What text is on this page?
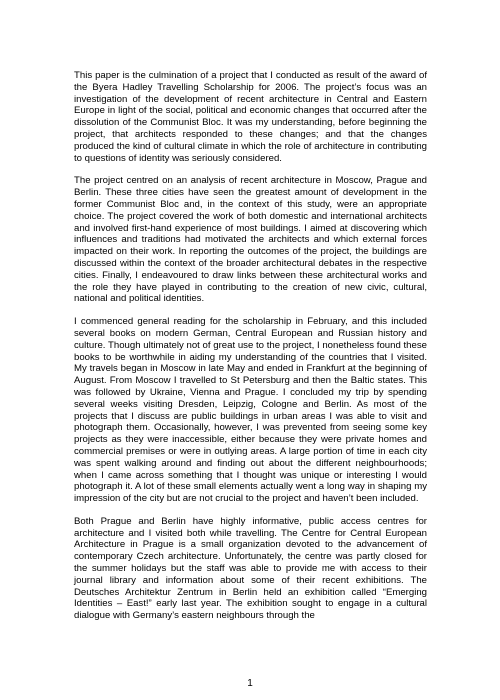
This paper is the culmination of a project that I conducted as result of the award of the Byera Hadley Travelling Scholarship for 2006. The project’s focus was an investigation of the development of recent architecture in Central and Eastern Europe in light of the social, political and economic changes that occurred after the dissolution of the Communist Bloc. It was my understanding, before beginning the project, that architects responded to these changes; and that the changes produced the kind of cultural climate in which the role of architecture in contributing to questions of identity was seriously considered.

The project centred on an analysis of recent architecture in Moscow, Prague and Berlin. These three cities have seen the greatest amount of development in the former Communist Bloc and, in the context of this study, were an appropriate choice. The project covered the work of both domestic and international architects and involved first-hand experience of most buildings. I aimed at discovering which influences and traditions had motivated the architects and which external forces impacted on their work. In reporting the outcomes of the project, the buildings are discussed within the context of the broader architectural debates in the respective cities. Finally, I endeavoured to draw links between these architectural works and the role they have played in contributing to the creation of new civic, cultural, national and political identities.

I commenced general reading for the scholarship in February, and this included several books on modern German, Central European and Russian history and culture. Though ultimately not of great use to the project, I nonetheless found these books to be worthwhile in aiding my understanding of the countries that I visited. My travels began in Moscow in late May and ended in Frankfurt at the beginning of August. From Moscow I travelled to St Petersburg and then the Baltic states. This was followed by Ukraine, Vienna and Prague. I concluded my trip by spending several weeks visiting Dresden, Leipzig, Cologne and Berlin. As most of the projects that I discuss are public buildings in urban areas I was able to visit and photograph them. Occasionally, however, I was prevented from seeing some key projects as they were inaccessible, either because they were private homes and commercial premises or were in outlying areas. A large portion of time in each city was spent walking around and finding out about the different neighbourhoods; when I came across something that I thought was unique or interesting I would photograph it. A lot of these small elements actually went a long way in shaping my impression of the city but are not crucial to the project and haven’t been included.

Both Prague and Berlin have highly informative, public access centres for architecture and I visited both while travelling. The Centre for Central European Architecture in Prague is a small organization devoted to the advancement of contemporary Czech architecture. Unfortunately, the centre was partly closed for the summer holidays but the staff was able to provide me with access to their journal library and information about some of their recent exhibitions. The Deutsches Architektur Zentrum in Berlin held an exhibition called “Emerging Identities – East!” early last year. The exhibition sought to engage in a cultural dialogue with Germany’s eastern neighbours through the

1
